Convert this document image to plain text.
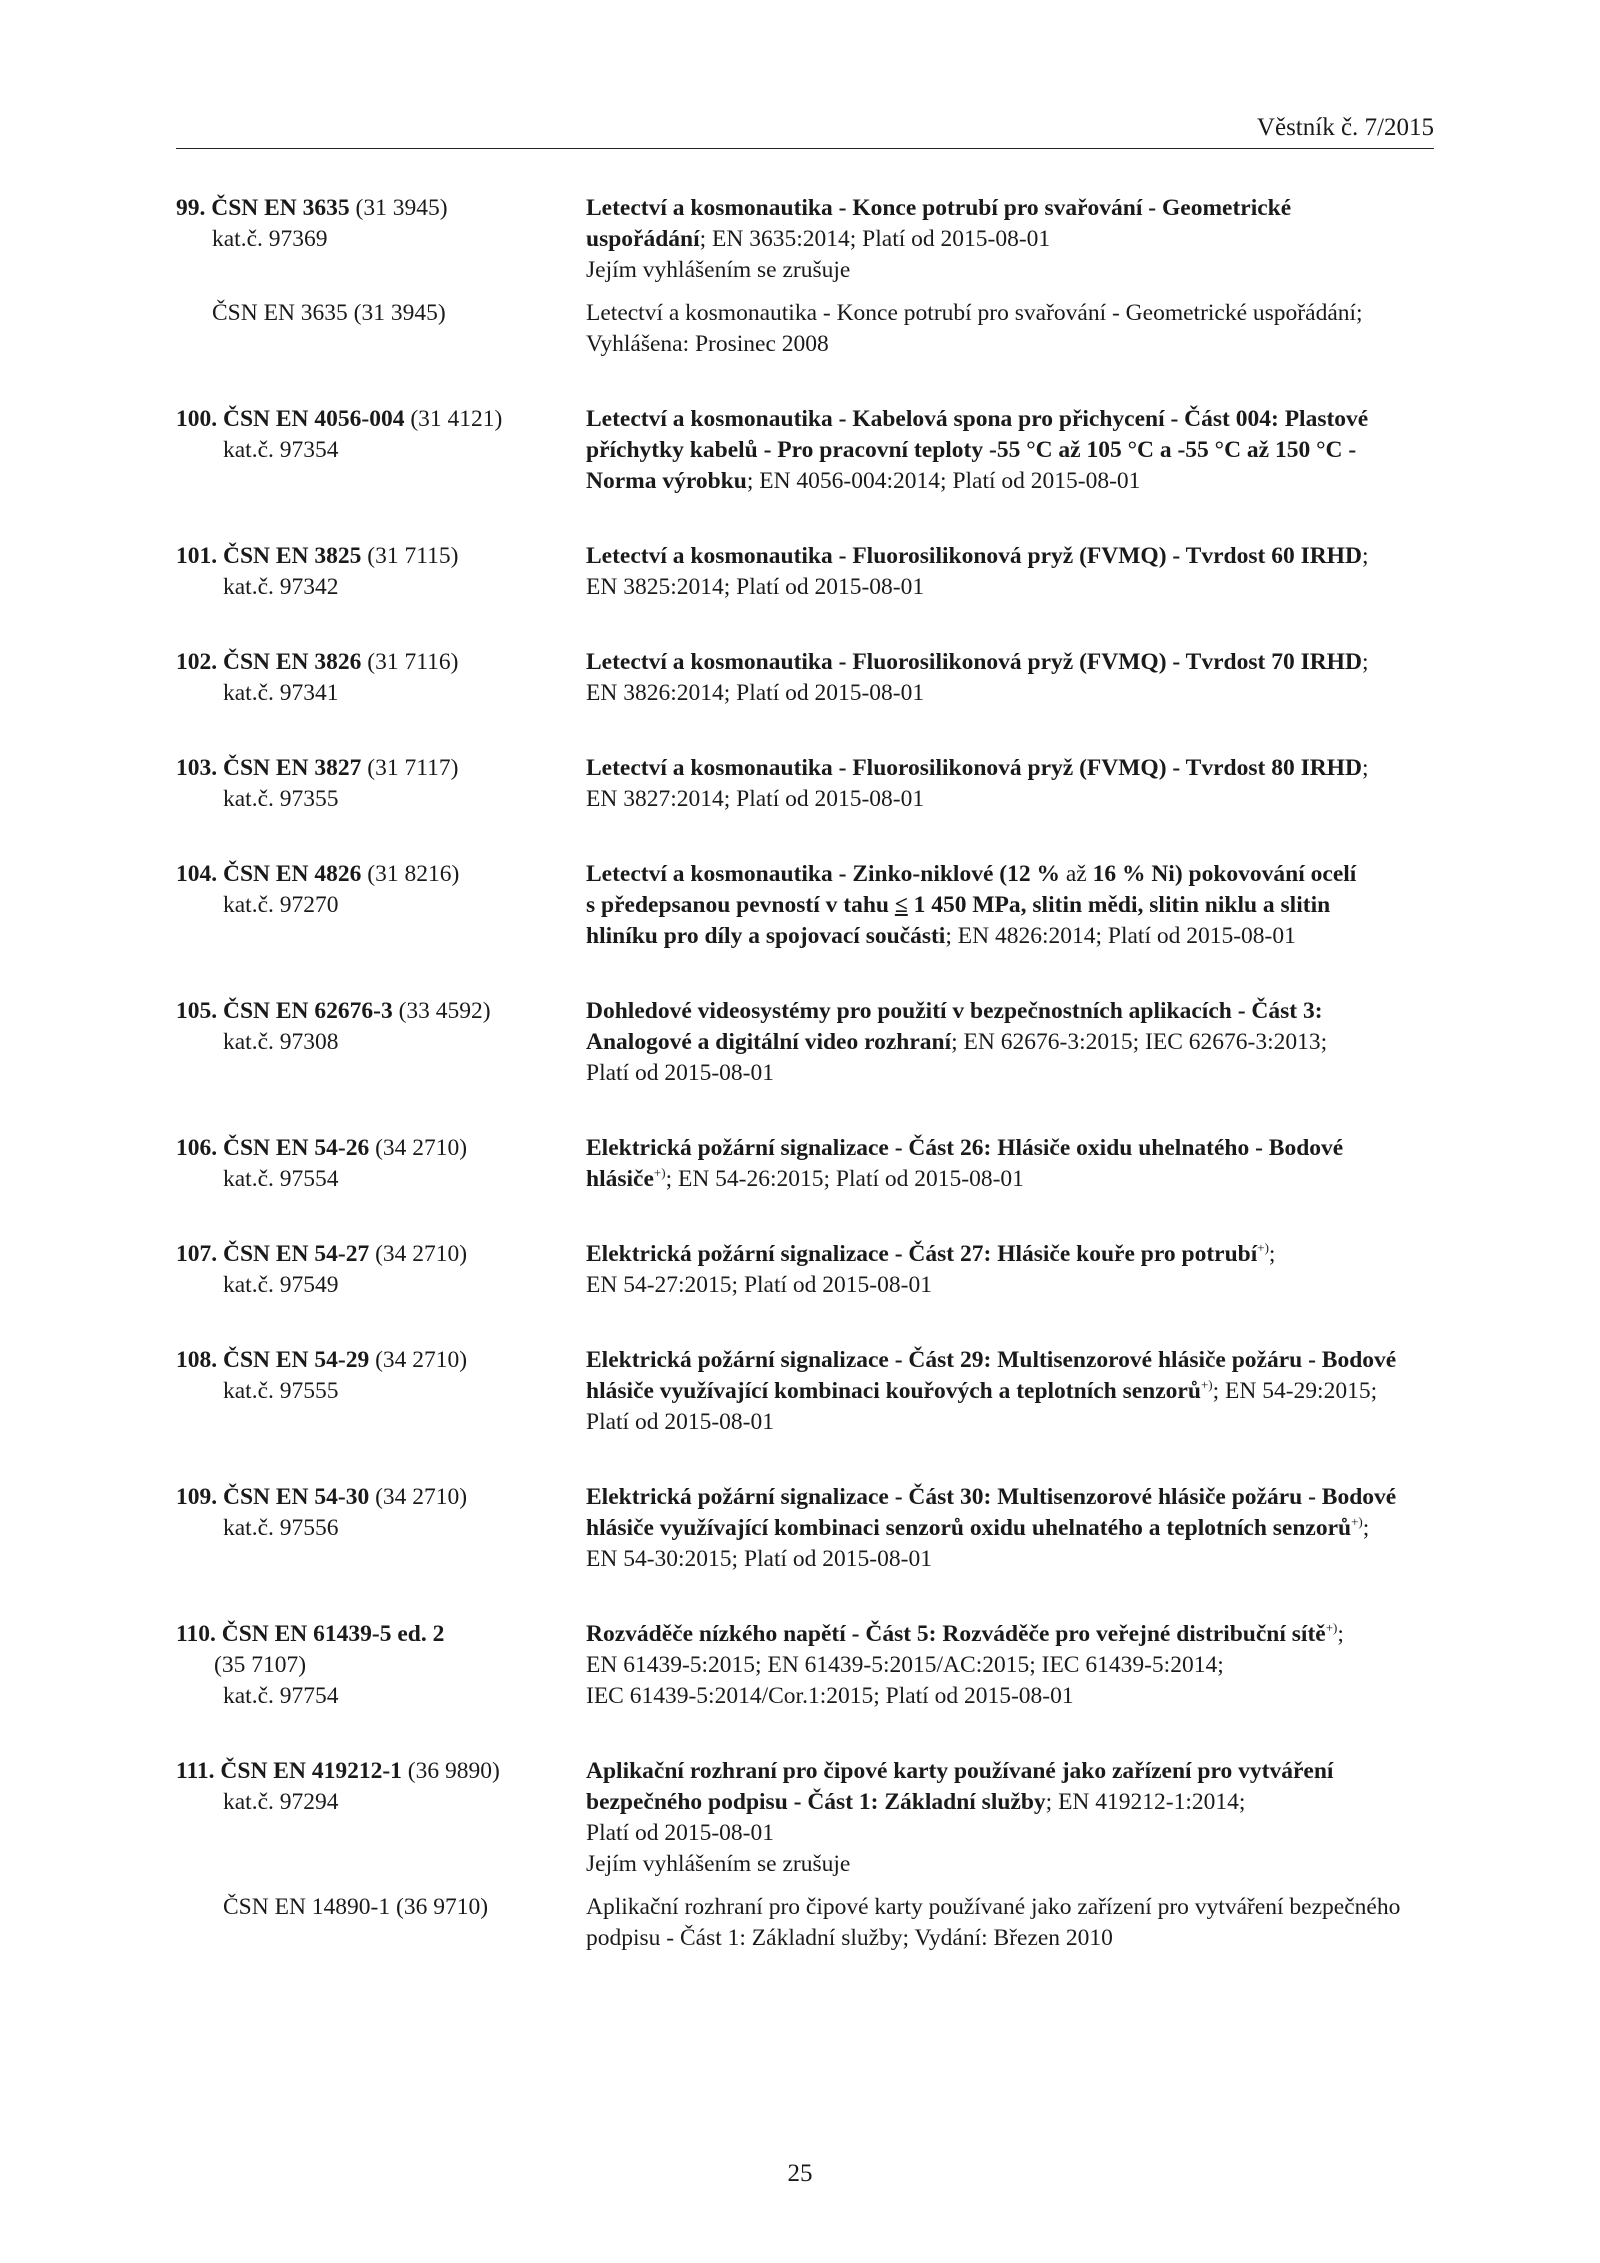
Věstník č. 7/2015
99. ČSN EN 3635 (31 3945)
kat.č. 97369
Letectví a kosmonautika - Konce potrubí pro svařování - Geometrické
uspořádání; EN 3635:2014; Platí od 2015-08-01
Jejím vyhlášením se zrušuje
ČSN EN 3635 (31 3945)	Letectví a kosmonautika - Konce potrubí pro svařování - Geometrické uspořádání;
Vyhlášena: Prosinec 2008
100. ČSN EN 4056-004 (31 4121)
kat.č. 97354
Letectví a kosmonautika - Kabelová spona pro přichycení - Část 004: Plastové
příchytky kabelů - Pro pracovní teploty -55 °C až 105 °C a -55 °C až 150 °C -
Norma výrobku; EN 4056-004:2014; Platí od 2015-08-01
101. ČSN EN 3825 (31 7115)
kat.č. 97342
Letectví a kosmonautika - Fluorosilikonová pryž (FVMQ) - Tvrdost 60 IRHD;
EN 3825:2014; Platí od 2015-08-01
102. ČSN EN 3826 (31 7116)
kat.č. 97341
Letectví a kosmonautika - Fluorosilikonová pryž (FVMQ) - Tvrdost 70 IRHD;
EN 3826:2014; Platí od 2015-08-01
103. ČSN EN 3827 (31 7117)
kat.č. 97355
Letectví a kosmonautika - Fluorosilikonová pryž (FVMQ) - Tvrdost 80 IRHD;
EN 3827:2014; Platí od 2015-08-01
104. ČSN EN 4826 (31 8216)
kat.č. 97270
Letectví a kosmonautika - Zinko-niklové (12 % až 16 % Ni) pokovování ocelí
s předepsanou pevností v tahu ≤ 1 450 MPa, slitin mědi, slitin niklu a slitin
hliníku pro díly a spojovací součásti; EN 4826:2014; Platí od 2015-08-01
105. ČSN EN 62676-3 (33 4592)
kat.č. 97308
Dohledové videosystémy pro použití v bezpečnostních aplikacích - Část 3:
Analogové a digitální video rozhraní; EN 62676-3:2015; IEC 62676-3:2013;
Platí od 2015-08-01
106. ČSN EN 54-26 (34 2710)
kat.č. 97554
Elektrická požární signalizace - Část 26: Hlásiče oxidu uhelnatého - Bodové
hlásiče+); EN 54-26:2015; Platí od 2015-08-01
107. ČSN EN 54-27 (34 2710)
kat.č. 97549
Elektrická požární signalizace - Část 27: Hlásiče kouře pro potrubí+);
EN 54-27:2015; Platí od 2015-08-01
108. ČSN EN 54-29 (34 2710)
kat.č. 97555
Elektrická požární signalizace - Část 29: Multisenzorové hlásiče požáru - Bodové
hlásiče využívající kombinaci kouřových a teplotních senzorů+); EN 54-29:2015;
Platí od 2015-08-01
109. ČSN EN 54-30 (34 2710)
kat.č. 97556
Elektrická požární signalizace - Část 30: Multisenzorové hlásiče požáru - Bodové
hlásiče využívající kombinaci senzorů oxidu uhelnatého a teplotních senzorů+);
EN 54-30:2015; Platí od 2015-08-01
110. ČSN EN 61439-5 ed. 2
(35 7107)
kat.č. 97754
Rozváděče nízkého napětí - Část 5: Rozváděče pro veřejné distribuční sítě+);
EN 61439-5:2015; EN 61439-5:2015/AC:2015; IEC 61439-5:2014;
IEC 61439-5:2014/Cor.1:2015; Platí od 2015-08-01
111. ČSN EN 419212-1 (36 9890)
kat.č. 97294
Aplikační rozhraní pro čipové karty používané jako zařízení pro vytváření
bezpečného podpisu - Část 1: Základní služby; EN 419212-1:2014;
Platí od 2015-08-01
Jejím vyhlášením se zrušuje
ČSN EN 14890-1 (36 9710)	Aplikační rozhraní pro čipové karty používané jako zařízení pro vytváření bezpečného
podpisu - Část 1: Základní služby; Vydání: Březen 2010
25
